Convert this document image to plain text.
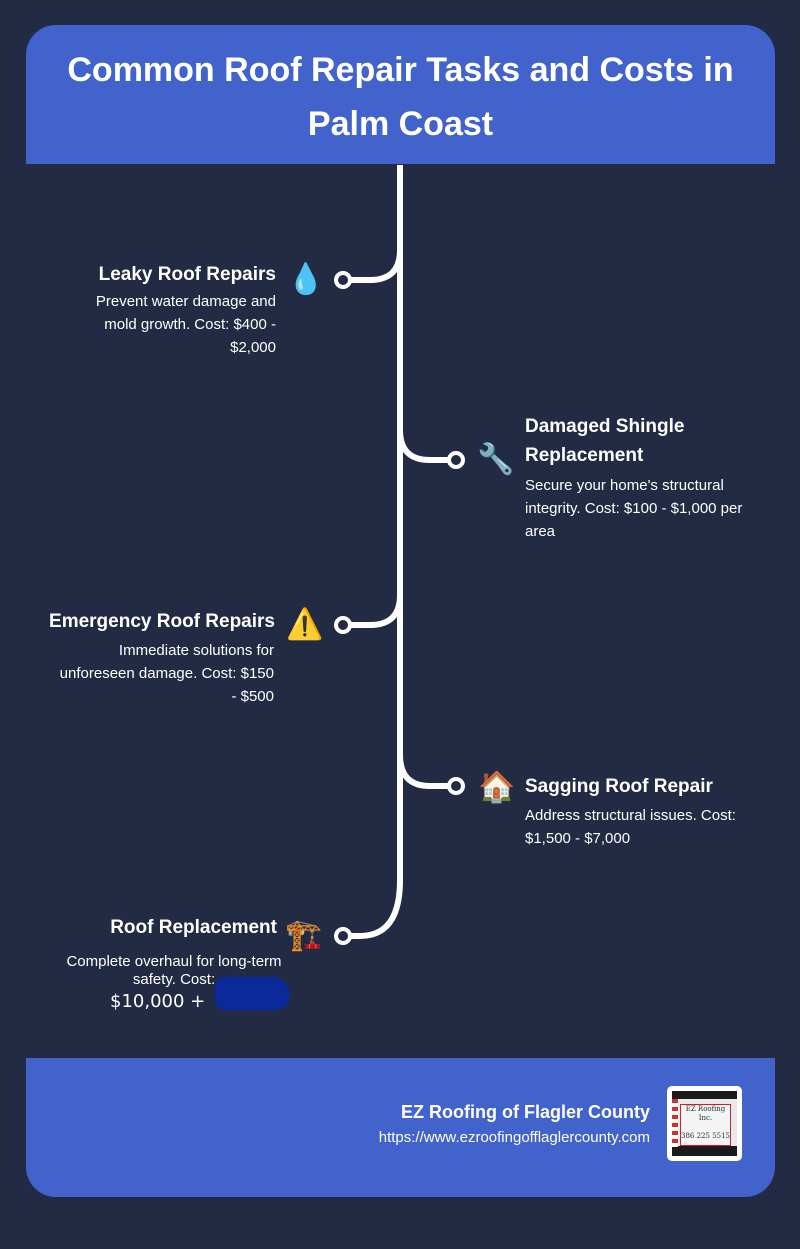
Common Roof Repair Tasks and Costs in Palm Coast
EZ Roofing of Flagler County
https://www.ezroofingofflaglercounty.com
EZ Roofing Inc.

386 225 5515
Leaky Roof Repairs 💧
Prevent water damage and mold growth. Cost: $400 - $2,000
🔧
Damaged Shingle Replacement
Secure your home's structural integrity. Cost: $100 - $1,000 per area
Emergency Roof Repairs ⚠️
Immediate solutions for unforeseen damage. Cost: $150 - $500
🏠 Sagging Roof Repair
Address structural issues. Cost: $1,500 - $7,000
Roof Replacement 🏗️
Complete overhaul for long-term safety. Cost:
$10,000 +
